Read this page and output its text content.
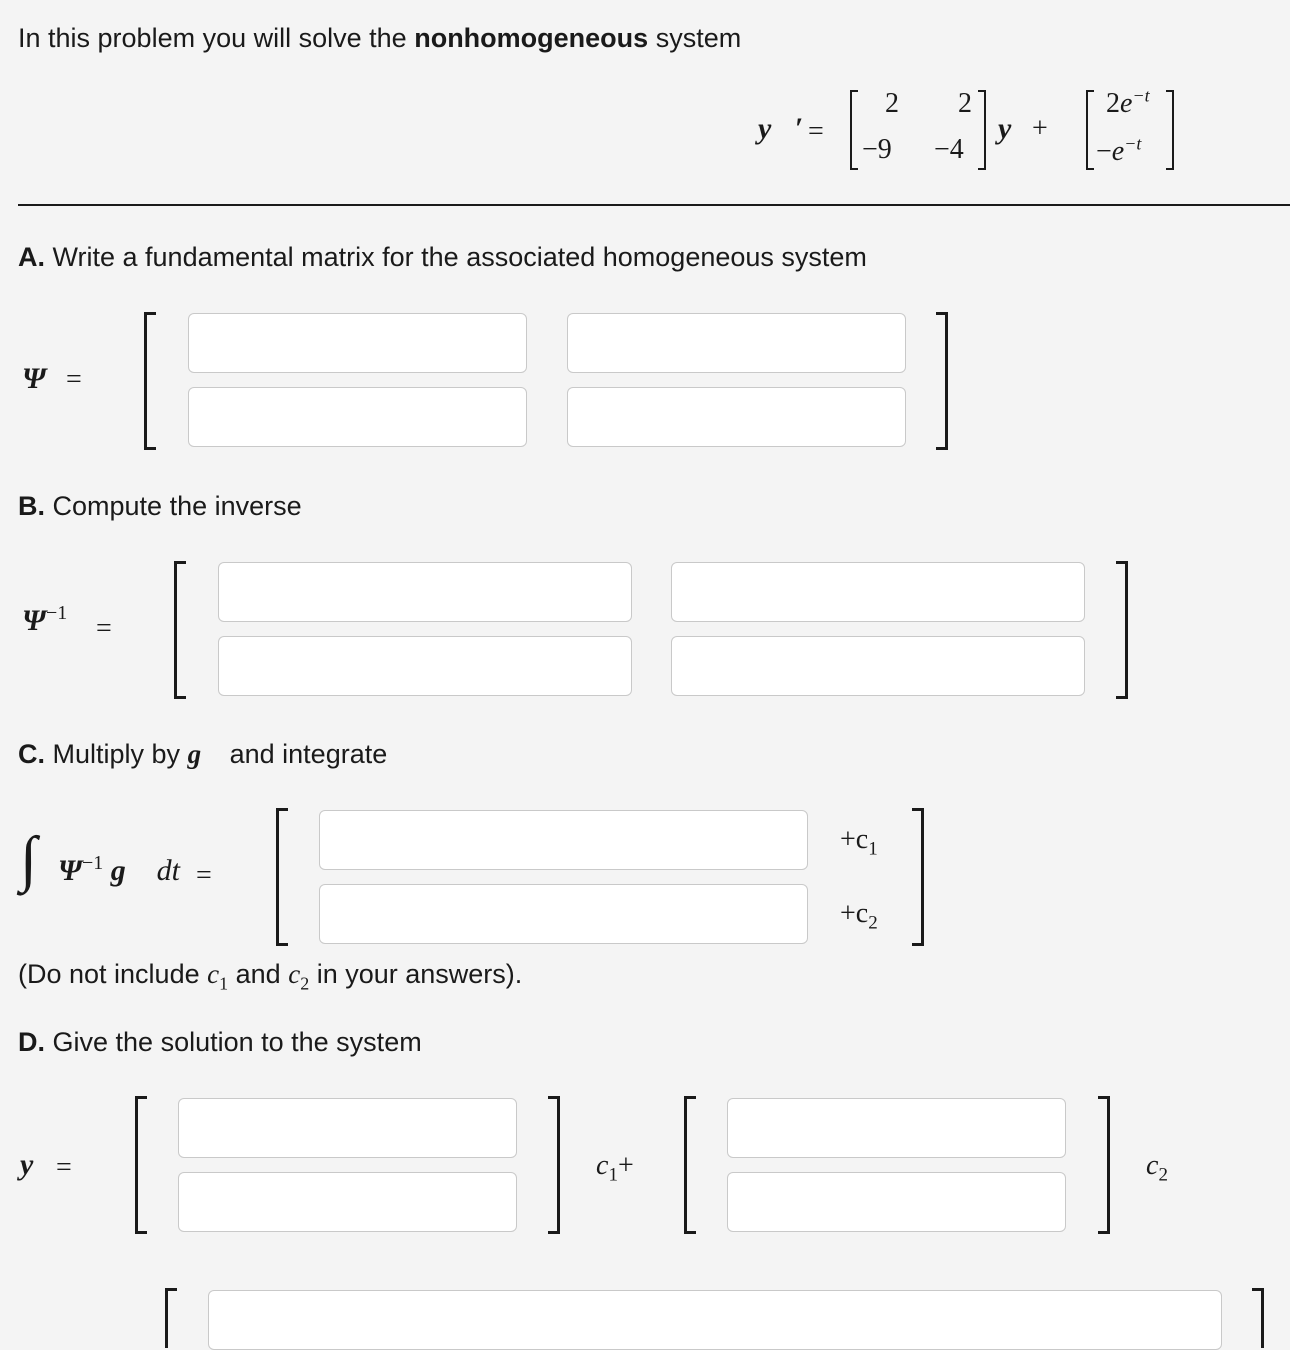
In this problem you will solve the nonhomogeneous system
y⃗′ =
2 2
−9 −4
y⃗
+
$2e^{-t}$
$-e^{-t}$
A. Write a fundamental matrix for the associated homogeneous system
Ψ =
B. Compute the inverse
$\Psi^{-1}$ =
C. Multiply by g⃗ and integrate
∫ $\Psi^{-1}$ g⃗ dt =
$+c_1$
$+c_2$
(Do not include $c_1$ and $c_2$ in your answers).
D. Give the solution to the system
y⃗ =	$c_1+$	$c_2$
